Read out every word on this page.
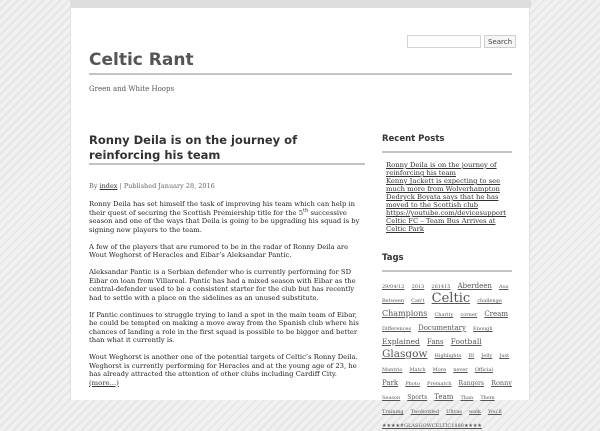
Search
Celtic Rant
Green and White Hoops
Ronny Deila is on the journey of reinforcing his team
By index | Published January 28, 2016

Ronny Deila has set himself the task of improving his team which can help in their quest of securing the Scottish Premiership title for the 5th successive season and one of the ways that Deila is going to be upgrading his squad is by signing new players to the team.

A few of the players that are rumored to be in the radar of Ronny Deila are Wout Weghorst of Heracles and Eibar’s Aleksandar Pantic.

Aleksandar Pantic is a Serbian defender who is currently performing for SD Eibar on loan from Villareal. Pantic has had a mixed season with Eibar as the central-defender used to be a consistent starter for the club but has recently had to settle with a place on the sidelines as an unused substitute.

If Pantic continues to struggle trying to land a spot in the main team of Eibar, he could be tempted on making a move away from the Spanish club where his chances of landing a role in the first squad is possible to be bigger and better than what it currently is.

Wout Weghorst is another one of the potential targets of Celtic’s Ronny Deila. Weghorst is currently performing for Heracles and at the young age of 23, he has already attracted the attention of other clubs including Cardiff City.
(more…)

Recent Posts
Ronny Deila is on the journey of reinforcing his team
Kenny Jackett is expecting to see much more from Wolverhampton
Dedryck Boyata says that he has moved to the Scottish club
https://youtube.com/devicesupport
Celtic FC – Team Bus Arrives at Celtic Park
Tags
29/04/12 2013 261415 Aberdeen Aus Between Can't Celtic challenge Champions Charity corner Cream Differences Documentary Enough Explained Fans Football Glasgow Highlights III Jelly Just Mantrio Match More never Official Park Photo Prematch Rangers Ronny Season Sports Team Than Them Training Twobottled Ultras walk You'll ★★★★#GLASGOWCELTIC1888★★★★
